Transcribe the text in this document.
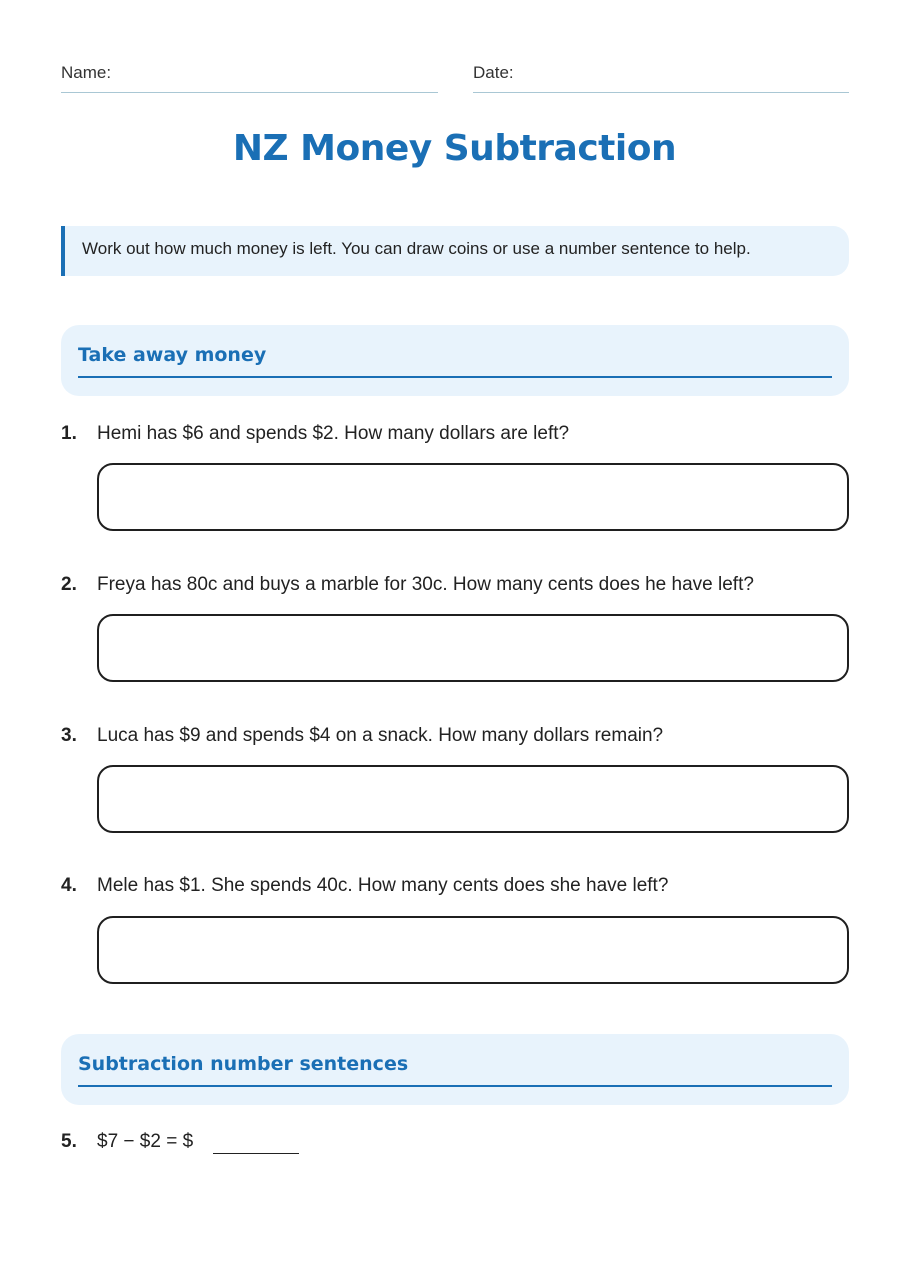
Name:	Date:
NZ Money Subtraction
Work out how much money is left. You can draw coins or use a number sentence to help.
Take away money
1. Hemi has $6 and spends $2. How many dollars are left?
2. Freya has 80c and buys a marble for 30c. How many cents does he have left?
3. Luca has $9 and spends $4 on a snack. How many dollars remain?
4. Mele has $1. She spends 40c. How many cents does she have left?
Subtraction number sentences
5. $7 − $2 = $
